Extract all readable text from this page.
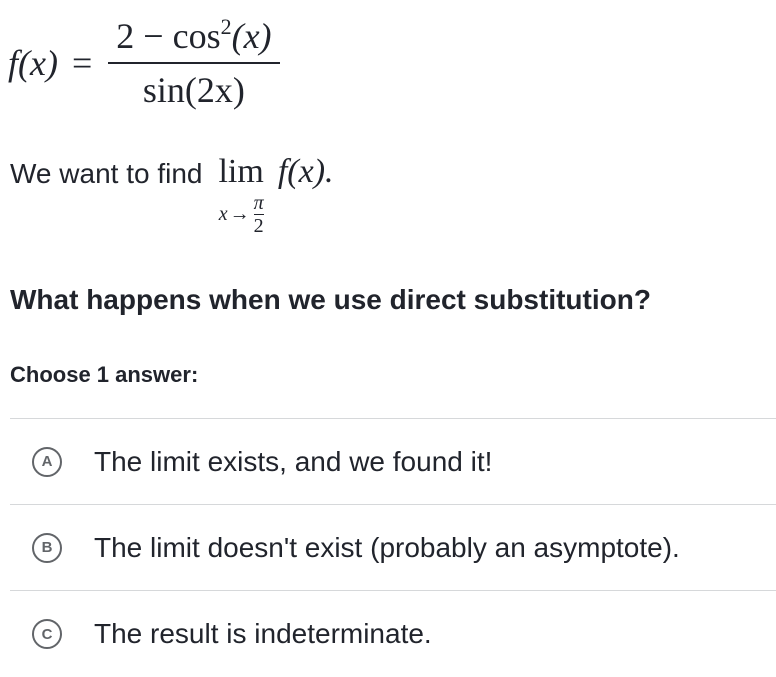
$f(x) = \frac{2 - \cos^2(x)}{\sin(2x)}$
We want to find lim
$x \to \frac{\pi}{2}$
f(x).
What happens when we use direct substitution?
Choose 1 answer:
A	The limit exists, and we found it!
B	The limit doesn't exist (probably an asymptote).
C	The result is indeterminate.
